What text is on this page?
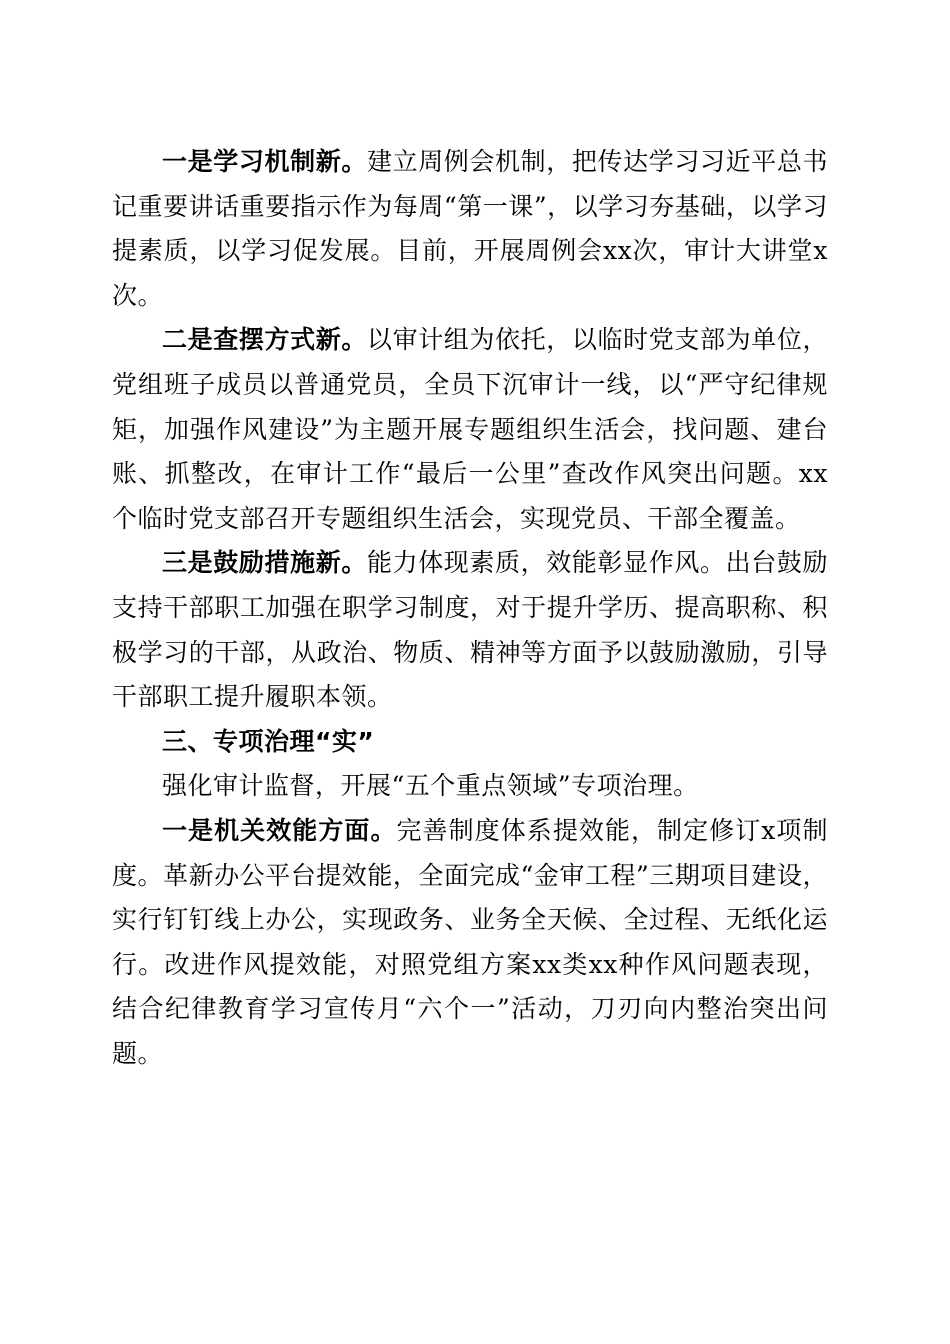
一是学习机制新。建立周例会机制，把传达学习习近平总书记重要讲话重要指示作为每周“第一课”，以学习夯基础，以学习提素质，以学习促发展。目前，开展周例会xx次，审计大讲堂x次。

二是查摆方式新。以审计组为依托，以临时党支部为单位，党组班子成员以普通党员，全员下沉审计一线，以“严守纪律规矩，加强作风建设”为主题开展专题组织生活会，找问题、建台账、抓整改，在审计工作“最后一公里”查改作风突出问题。xx个临时党支部召开专题组织生活会，实现党员、干部全覆盖。

三是鼓励措施新。能力体现素质，效能彰显作风。出台鼓励支持干部职工加强在职学习制度，对于提升学历、提高职称、积极学习的干部，从政治、物质、精神等方面予以鼓励激励，引导干部职工提升履职本领。

三、专项治理“实”

强化审计监督，开展“五个重点领域”专项治理。

一是机关效能方面。完善制度体系提效能，制定修订x项制度。革新办公平台提效能，全面完成“金审工程”三期项目建设，实行钉钉线上办公，实现政务、业务全天候、全过程、无纸化运行。改进作风提效能，对照党组方案xx类xx种作风问题表现，结合纪律教育学习宣传月“六个一”活动，刀刃向内整治突出问题。
